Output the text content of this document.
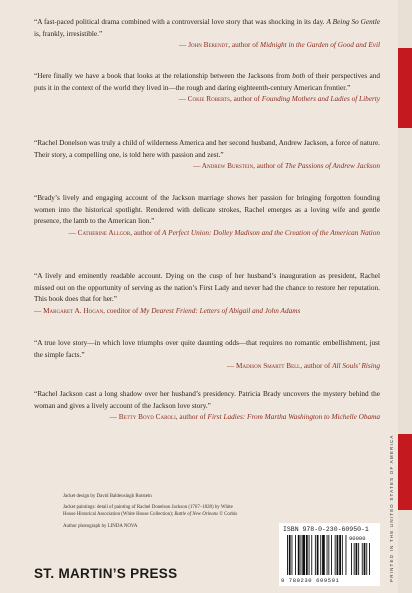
“A fast-paced political drama combined with a controversial love story that was shocking in its day. A Being So Gentle is, frankly, irresistible.”
— John Berendt, author of Midnight in the Garden of Good and Evil
“Here finally we have a book that looks at the relationship between the Jacksons from both of their perspectives and puts it in the context of the world they lived in—the rough and daring eighteenth-century American frontier.”
— Cokie Roberts, author of Founding Mothers and Ladies of Liberty
“Rachel Donelson was truly a child of wilderness America and her second husband, Andrew Jackson, a force of nature. Their story, a compelling one, is told here with passion and zest.”
— Andrew Burstein, author of The Passions of Andrew Jackson
“Brady’s lively and engaging account of the Jackson marriage shows her passion for bringing forgotten founding women into the historical spotlight. Rendered with delicate strokes, Rachel emerges as a loving wife and gentle presence, the lamb to the American lion.”
— Catherine Allgor, author of A Perfect Union: Dolley Madison and the Creation of the American Nation
“A lively and eminently readable account. Dying on the cusp of her husband’s inauguration as president, Rachel missed out on the opportunity of serving as the nation’s First Lady and never had the chance to restore her reputation. This book does that for her.”
— Margaret A. Hogan, coeditor of My Dearest Friend: Letters of Abigail and John Adams
“A true love story—in which love triumphs over quite daunting odds—that requires no romantic embellishment, just the simple facts.”
— Madison Smartt Bell, author of All Souls’ Rising
“Rachel Jackson cast a long shadow over her husband’s presidency. Patricia Brady uncovers the mystery behind the woman and gives a lively account of the Jackson love story.”
— Betty Boyd Caroli, author of First Ladies: From Martha Washington to Michelle Obama

Jacket design by David Baldeosingh Rotstein

Jacket paintings: detail of painting of Rachel Donelson Jackson (1767–1828) by White House Historical Association (White House Collection); Battle of New Orleans © Corbis

Author photograph by LINDA NOVA

ST. MARTIN’S PRESS
ISBN 978-0-230-60950-1
90000
9 780230 609501	PRINTED IN THE UNITED STATES OF AMERICA
